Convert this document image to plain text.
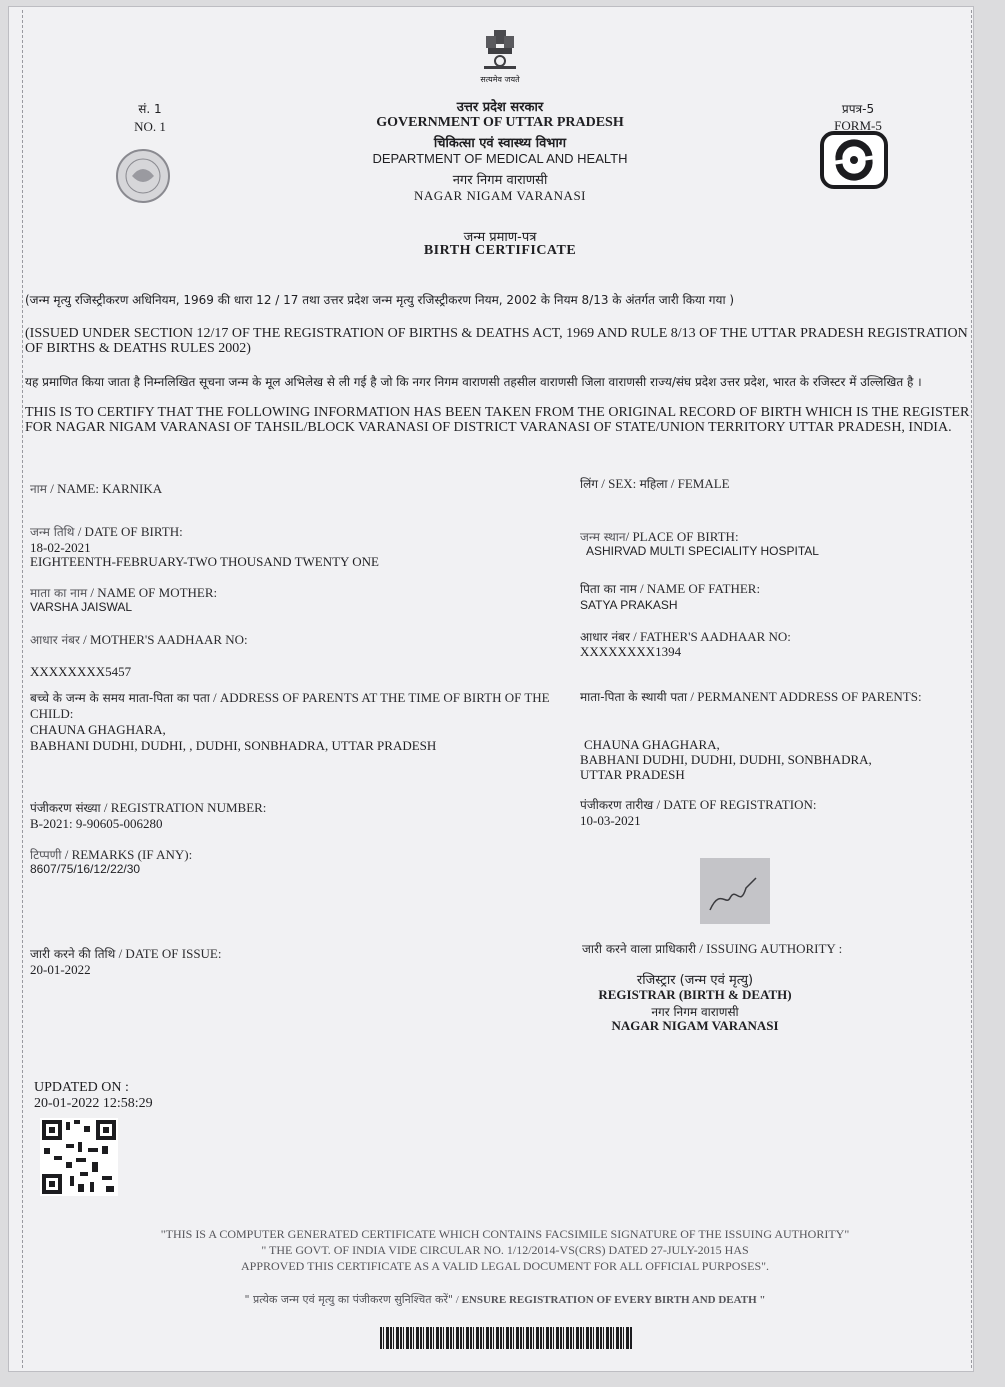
सत्यमेव जयते
सं. 1
NO. 1
प्रपत्र-5
FORM-5
उत्तर प्रदेश सरकार
GOVERNMENT OF UTTAR PRADESH
चिकित्सा एवं स्वास्थ्य विभाग
DEPARTMENT OF MEDICAL AND HEALTH
नगर निगम वाराणसी
NAGAR NIGAM VARANASI
जन्म प्रमाण-पत्र
BIRTH CERTIFICATE
(जन्म मृत्यु रजिस्ट्रीकरण अधिनियम, 1969 की धारा 12 / 17 तथा उत्तर प्रदेश जन्म मृत्यु रजिस्ट्रीकरण नियम, 2002 के नियम 8/13 के अंतर्गत जारी किया गया )
(ISSUED UNDER SECTION 12/17 OF THE REGISTRATION OF BIRTHS & DEATHS ACT, 1969 AND RULE 8/13 OF THE UTTAR PRADESH REGISTRATION OF BIRTHS & DEATHS RULES 2002)
यह प्रमाणित किया जाता है निम्नलिखित सूचना जन्म के मूल अभिलेख से ली गई है जो कि नगर निगम वाराणसी तहसील वाराणसी जिला वाराणसी राज्य/संघ प्रदेश उत्तर प्रदेश, भारत के रजिस्टर में उल्लिखित है ।
THIS IS TO CERTIFY THAT THE FOLLOWING INFORMATION HAS BEEN TAKEN FROM THE ORIGINAL RECORD OF BIRTH WHICH IS THE REGISTER FOR NAGAR NIGAM VARANASI OF TAHSIL/BLOCK VARANASI OF DISTRICT VARANASI OF STATE/UNION TERRITORY UTTAR PRADESH, INDIA.
नाम / NAME: KARNIKA
जन्म तिथि / DATE OF BIRTH:
18-02-2021
EIGHTEENTH-FEBRUARY-TWO THOUSAND TWENTY ONE
माता का नाम / NAME OF MOTHER:
VARSHA JAISWAL
आधार नंबर / MOTHER'S AADHAAR NO:
XXXXXXXX5457
बच्चे के जन्म के समय माता-पिता का पता / ADDRESS OF PARENTS AT THE TIME OF BIRTH OF THE CHILD:
CHAUNA GHAGHARA,
BABHANI DUDHI, DUDHI, , DUDHI, SONBHADRA, UTTAR PRADESH
पंजीकरण संख्या / REGISTRATION NUMBER:
B-2021: 9-90605-006280
टिप्पणी / REMARKS (IF ANY):
8607/75/16/12/22/30
जारी करने की तिथि / DATE OF ISSUE:
20-01-2022
लिंग / SEX: महिला / FEMALE
जन्म स्थान/ PLACE OF BIRTH:
ASHIRVAD MULTI SPECIALITY HOSPITAL
पिता का नाम / NAME OF FATHER:
SATYA PRAKASH
आधार नंबर / FATHER'S AADHAAR NO:
XXXXXXXX1394
माता-पिता के स्थायी पता / PERMANENT ADDRESS OF PARENTS:
CHAUNA GHAGHARA,
BABHANI DUDHI, DUDHI, DUDHI, SONBHADRA,
UTTAR PRADESH
पंजीकरण तारीख / DATE OF REGISTRATION:
10-03-2021
जारी करने वाला प्राधिकारी / ISSUING AUTHORITY :
रजिस्ट्रार (जन्म एवं मृत्यु)
REGISTRAR (BIRTH & DEATH)
नगर निगम वाराणसी
NAGAR NIGAM VARANASI
UPDATED ON :
20-01-2022 12:58:29
"THIS IS A COMPUTER GENERATED CERTIFICATE WHICH CONTAINS FACSIMILE SIGNATURE OF THE ISSUING AUTHORITY"
" THE GOVT. OF INDIA VIDE CIRCULAR NO. 1/12/2014-VS(CRS) DATED 27-JULY-2015 HAS
APPROVED THIS CERTIFICATE AS A VALID LEGAL DOCUMENT FOR ALL OFFICIAL PURPOSES".
" प्रत्येक जन्म एवं मृत्यु का पंजीकरण सुनिश्चित करें" / ENSURE REGISTRATION OF EVERY BIRTH AND DEATH "
